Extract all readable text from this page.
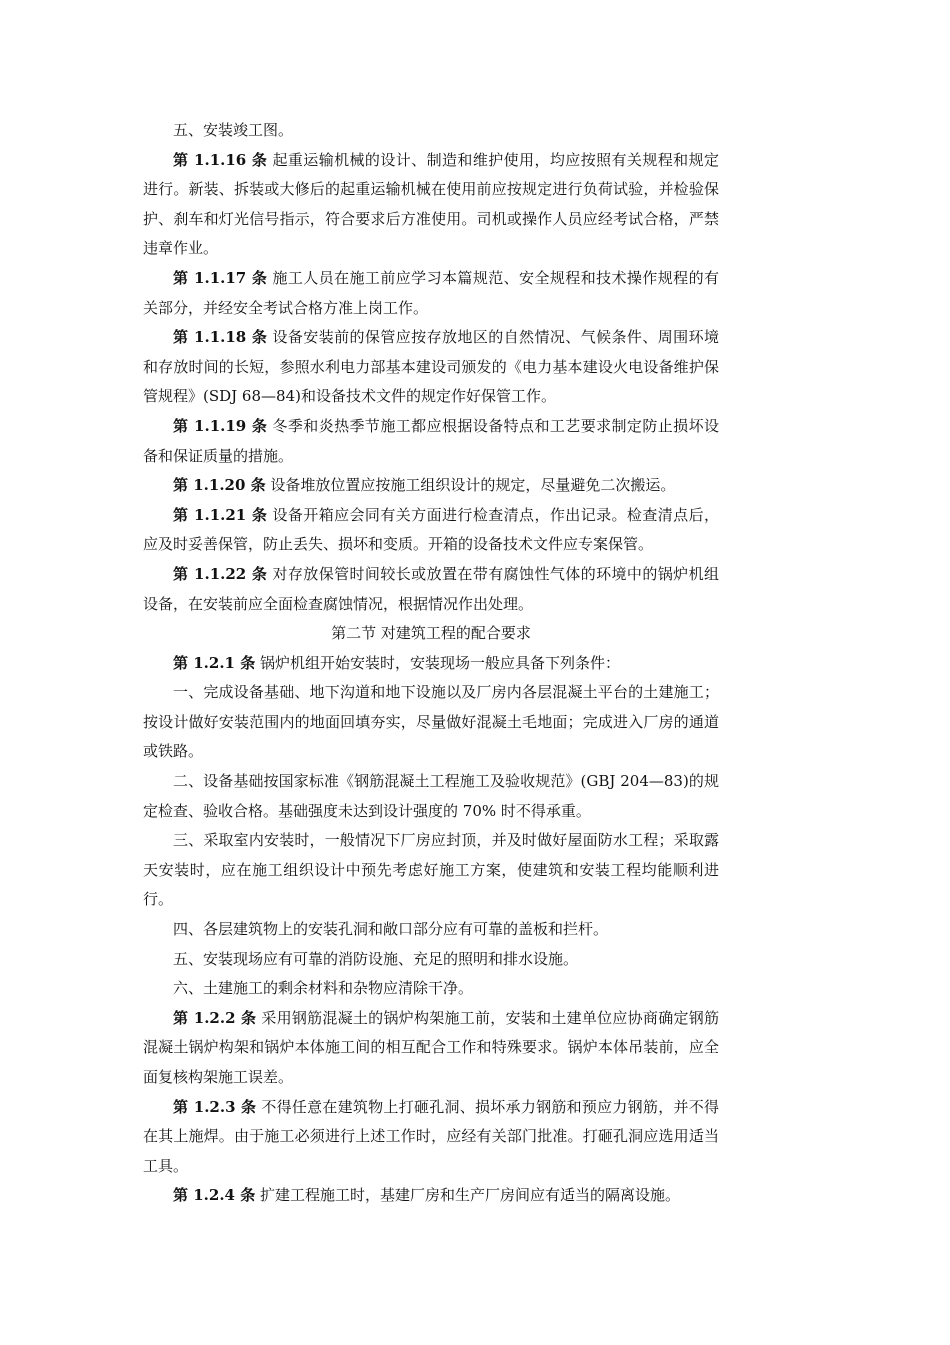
五、安装竣工图。

第 1.1.16 条 起重运输机械的设计、制造和维护使用，均应按照有关规程和规定进行。新装、拆装或大修后的起重运输机械在使用前应按规定进行负荷试验，并检验保护、刹车和灯光信号指示，符合要求后方准使用。司机或操作人员应经考试合格，严禁违章作业。

第 1.1.17 条 施工人员在施工前应学习本篇规范、安全规程和技术操作规程的有关部分，并经安全考试合格方准上岗工作。

第 1.1.18 条 设备安装前的保管应按存放地区的自然情况、气候条件、周围环境和存放时间的长短，参照水利电力部基本建设司颁发的《电力基本建设火电设备维护保管规程》(SDJ 68—84)和设备技术文件的规定作好保管工作。

第 1.1.19 条 冬季和炎热季节施工都应根据设备特点和工艺要求制定防止损坏设备和保证质量的措施。

第 1.1.20 条 设备堆放位置应按施工组织设计的规定，尽量避免二次搬运。

第 1.1.21 条 设备开箱应会同有关方面进行检查清点，作出记录。检查清点后，应及时妥善保管，防止丢失、损坏和变质。开箱的设备技术文件应专案保管。

第 1.1.22 条 对存放保管时间较长或放置在带有腐蚀性气体的环境中的锅炉机组设备，在安装前应全面检查腐蚀情况，根据情况作出处理。

第二节 对建筑工程的配合要求

第 1.2.1 条 锅炉机组开始安装时，安装现场一般应具备下列条件：

一、完成设备基础、地下沟道和地下设施以及厂房内各层混凝土平台的土建施工；按设计做好安装范围内的地面回填夯实，尽量做好混凝土毛地面；完成进入厂房的通道或铁路。

二、设备基础按国家标准《钢筋混凝土工程施工及验收规范》(GBJ 204—83)的规定检查、验收合格。基础强度未达到设计强度的 70% 时不得承重。

三、采取室内安装时，一般情况下厂房应封顶，并及时做好屋面防水工程；采取露天安装时，应在施工组织设计中预先考虑好施工方案，使建筑和安装工程均能顺利进行。

四、各层建筑物上的安装孔洞和敞口部分应有可靠的盖板和拦杆。

五、安装现场应有可靠的消防设施、充足的照明和排水设施。

六、土建施工的剩余材料和杂物应清除干净。

第 1.2.2 条 采用钢筋混凝土的锅炉构架施工前，安装和土建单位应协商确定钢筋混凝土锅炉构架和锅炉本体施工间的相互配合工作和特殊要求。锅炉本体吊装前，应全面复核构架施工误差。

第 1.2.3 条 不得任意在建筑物上打砸孔洞、损坏承力钢筋和预应力钢筋，并不得在其上施焊。由于施工必须进行上述工作时，应经有关部门批准。打砸孔洞应选用适当工具。

第 1.2.4 条 扩建工程施工时，基建厂房和生产厂房间应有适当的隔离设施。
